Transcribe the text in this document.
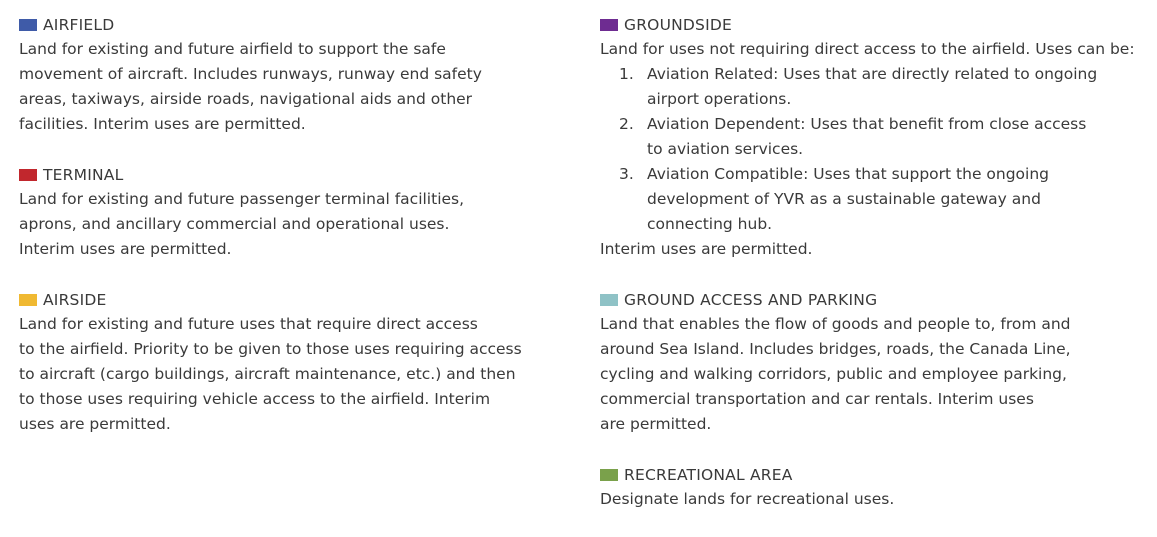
AIRFIELD
Land for existing and future airfield to support the safe
movement of aircraft. Includes runways, runway end safety
areas, taxiways, airside roads, navigational aids and other
facilities. Interim uses are permitted.
TERMINAL
Land for existing and future passenger terminal facilities,
aprons, and ancillary commercial and operational uses.
Interim uses are permitted.
AIRSIDE
Land for existing and future uses that require direct access
to the airfield. Priority to be given to those uses requiring access
to aircraft (cargo buildings, aircraft maintenance, etc.) and then
to those uses requiring vehicle access to the airfield. Interim
uses are permitted.
GROUNDSIDE
Land for uses not requiring direct access to the airfield. Uses can be:
1. Aviation Related: Uses that are directly related to ongoing
airport operations.
2. Aviation Dependent: Uses that benefit from close access
to aviation services.
3. Aviation Compatible: Uses that support the ongoing
development of YVR as a sustainable gateway and
connecting hub.
Interim uses are permitted.
GROUND ACCESS AND PARKING
Land that enables the flow of goods and people to, from and
around Sea Island. Includes bridges, roads, the Canada Line,
cycling and walking corridors, public and employee parking,
commercial transportation and car rentals. Interim uses
are permitted.
RECREATIONAL AREA
Designate lands for recreational uses.
